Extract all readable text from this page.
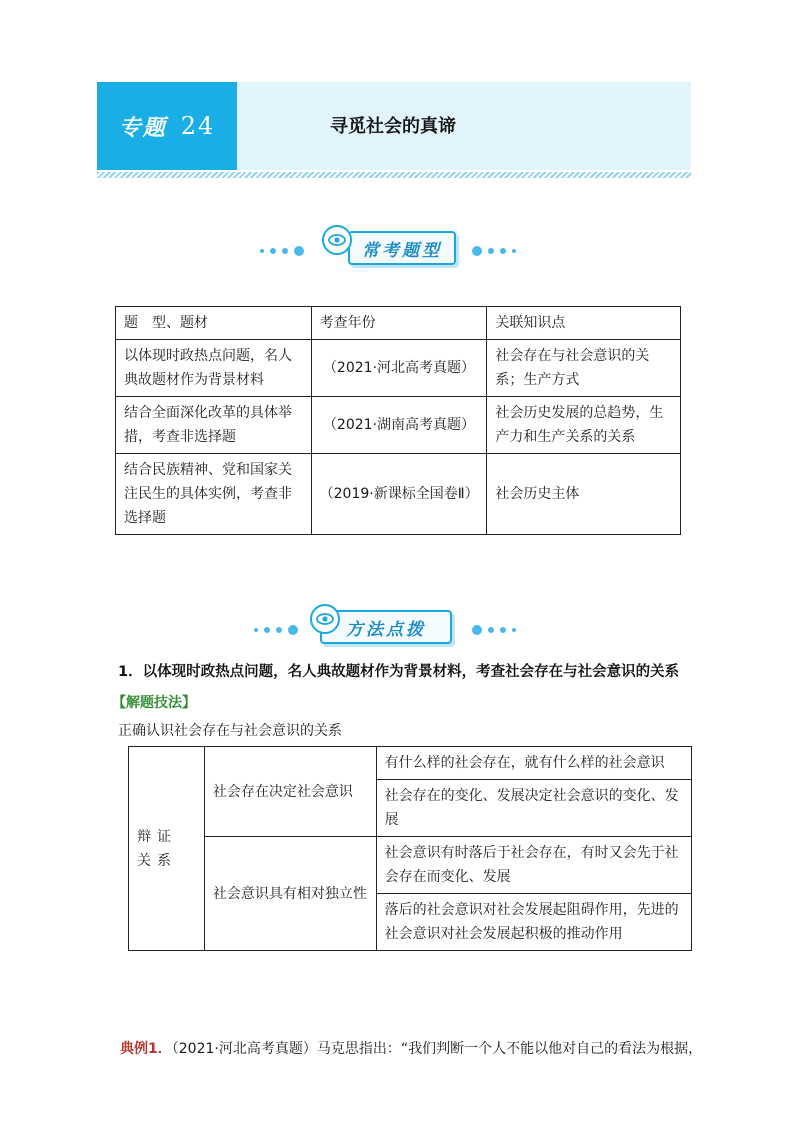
专题 24	寻觅社会的真谛
常考题型
题　型、题材	考查年份	关联知识点
以体现时政热点问题，名人典故题材作为背景材料	（2021·河北高考真题）	社会存在与社会意识的关系；生产方式
结合全面深化改革的具体举措，考查非选择题	（2021·湖南高考真题）	社会历史发展的总趋势，生产力和生产关系的关系
结合民族精神、党和国家关注民生的具体实例，考查非选择题	（2019·新课标全国卷Ⅱ）	社会历史主体
方法点拨
1．以体现时政热点问题，名人典故题材作为背景材料，考查社会存在与社会意识的关系
【解题技法】
正确认识社会存在与社会意识的关系
辩证关系	社会存在决定社会意识	有什么样的社会存在，就有什么样的社会意识
		社会存在的变化、发展决定社会意识的变化、发展
	社会意识具有相对独立性	社会意识有时落后于社会存在，有时又会先于社会存在而变化、发展
		落后的社会意识对社会发展起阻碍作用，先进的社会意识对社会发展起积极的推动作用
典例1．（2021·河北高考真题）马克思指出：“我们判断一个人不能以他对自己的看法为根据，
